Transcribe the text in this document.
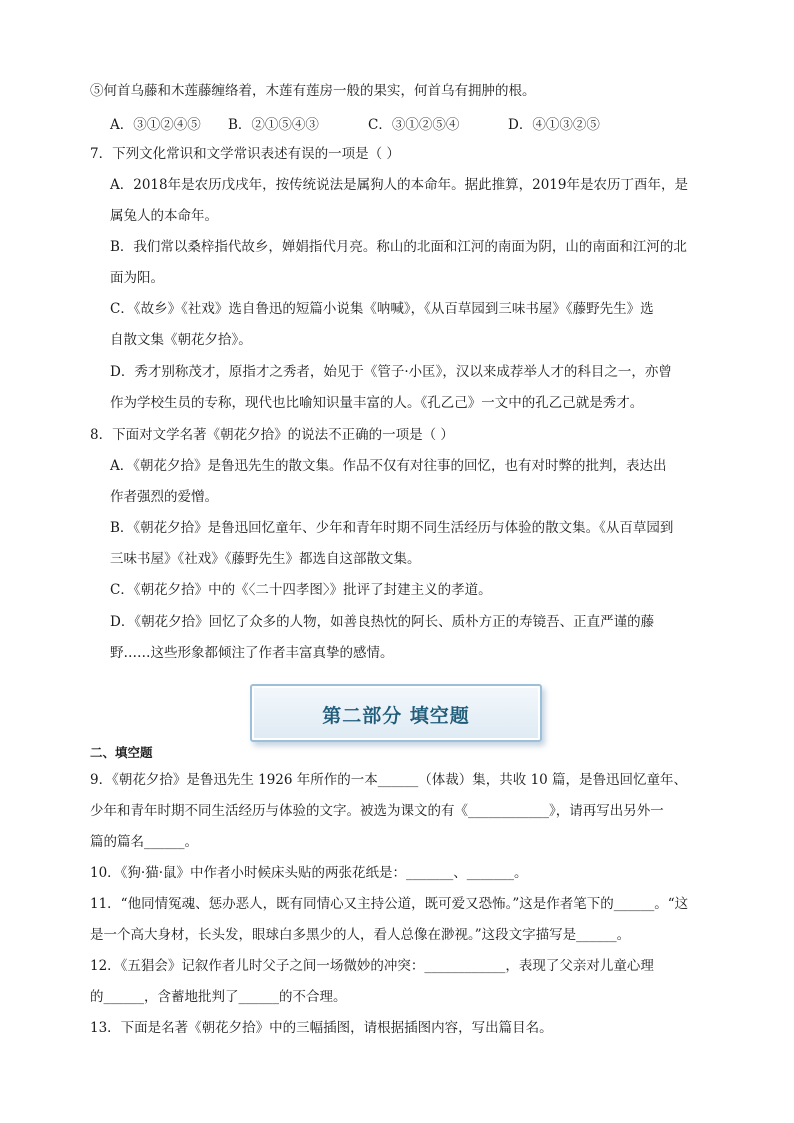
⑤何首乌藤和木莲藤缠络着，木莲有莲房一般的果实，何首乌有拥肿的根。
A．③①②④⑤	B．②①⑤④③	C．③①②⑤④	D．④①③②⑤
7．下列文化常识和文学常识表述有误的一项是（ ）
A．2018年是农历戊戌年，按传统说法是属狗人的本命年。据此推算，2019年是农历丁酉年，是
属兔人的本命年。
B．我们常以桑梓指代故乡，婵娟指代月亮。称山的北面和江河的南面为阴，山的南面和江河的北
面为阳。
C．《故乡》《社戏》选自鲁迅的短篇小说集《呐喊》，《从百草园到三味书屋》《藤野先生》选
自散文集《朝花夕拾》。
D．秀才别称茂才，原指才之秀者，始见于《管子·小匡》，汉以来成荐举人才的科目之一，亦曾
作为学校生员的专称，现代也比喻知识量丰富的人。《孔乙己》一文中的孔乙己就是秀才。
8．下面对文学名著《朝花夕拾》的说法不正确的一项是（ ）
A．《朝花夕拾》是鲁迅先生的散文集。作品不仅有对往事的回忆，也有对时弊的批判，表达出
作者强烈的爱憎。
B．《朝花夕拾》是鲁迅回忆童年、少年和青年时期不同生活经历与体验的散文集。《从百草园到
三味书屋》《社戏》《藤野先生》都选自这部散文集。
C．《朝花夕拾》中的《〈二十四孝图〉》批评了封建主义的孝道。
D．《朝花夕拾》回忆了众多的人物，如善良热忱的阿长、质朴方正的寿镜吾、正直严谨的藤
野……这些形象都倾注了作者丰富真挚的感情。
第二部分 填空题
二、填空题
9．《朝花夕拾》是鲁迅先生 1926 年所作的一本______（体裁）集，共收 10 篇，是鲁迅回忆童年、
少年和青年时期不同生活经历与体验的文字。被选为课文的有《____________》，请再写出另外一
篇的篇名______。
10．《狗·猫·鼠》中作者小时候床头贴的两张花纸是：_______、_______。
11．“他同情冤魂、惩办恶人，既有同情心又主持公道，既可爱又恐怖。”这是作者笔下的______。“这
是一个高大身材，长头发，眼球白多黑少的人，看人总像在渺视。”这段文字描写是______。
12．《五猖会》记叙作者儿时父子之间一场微妙的冲突：____________，表现了父亲对儿童心理
的______，含蓄地批判了______的不合理。
13．下面是名著《朝花夕拾》中的三幅插图，请根据插图内容，写出篇目名。
